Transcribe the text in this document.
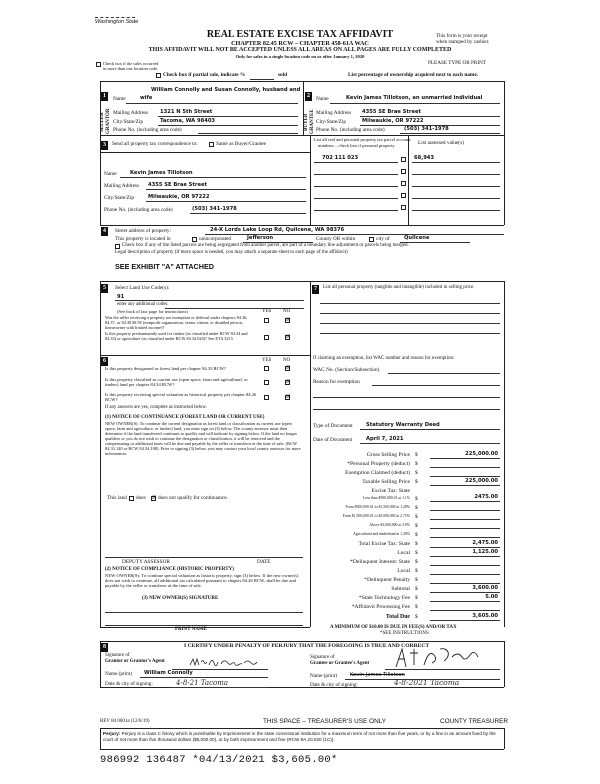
Washington State
REAL ESTATE EXCISE TAX AFFIDAVIT
CHAPTER 82.45 RCW – CHAPTER 458-61A WAC
THIS AFFIDAVIT WILL NOT BE ACCEPTED UNLESS ALL AREAS ON ALL PAGES ARE FULLY COMPLETED
Only for sales in a single location code on or after January 1, 2020
This form is your receipt
when stamped by cashier.
PLEASE TYPE OR PRINT
Check box if the sales occurred
in more than one location code.
Check box if partial sale, indicate %	sold	List percentage of ownership acquired next to each name.
1
SELLER GRANTOR
William Connolly and Susan Connolly, husband and
Name	wife
Mailing Address 1321 N 5th Street
City/State/Zip	Tacoma, WA 98403
Phone No. (including area code)
2
BUYER GRANTEE
Name	Kevin James Tillotson, an unmarried individual
Mailing Address 4355 SE Brae Street
City/State/Zip	Milwaukie, OR 97222
Phone No. (including area code)	(503) 341-1978
3	Send all property tax correspondence to:	Same as Buyer/Grantee
Name	Kevin James Tillotson
Mailing Address 4355 SE Brae Street
City/State/Zip	Milwaukie, OR 97222
Phone No. (including area code)	(503) 341-1978
List all real and personal property tax parcel account
numbers – check box if personal property	List assessed value(s)
702 111 023	68,943
4	Street address of property:	24-X Lords Lake Loop Rd, Quilcene, WA 98376
This property is located in	unincorporated	Jefferson	County OR within	city of	Quilcene
Check box if any of the listed parcels are being segregated from another parcel, are part of a boundary line adjustment or parcels being merged.
Legal description of property (if more space is needed, you may attach a separate sheet to each page of the affidavit)
SEE EXHIBIT "A" ATTACHED
5	Select Land Use Code(s):
91
enter any additional codes:
(See back of last page for instructions)	YES NO
Was the seller receiving a property tax exemption or deferral under chapters 84.36, 84.37, or 84.38 RCW (nonprofit organization, senior citizen, or disabled person, homeowner with limited income)?
☒
Is this property predominantly used for timber (as classified under RCW 84.34 and 84.33) or agriculture (as classified under RCW 84.34.020)? See ETA 3215	☒
7	List all personal property (tangible and intangible) included in selling price.
6	YES NO
Is this property designated as forest land per chapter 84.33 RCW?	☒
Is this property classified as current use (open space, farm and agricultural, or timber) land per chapter 84.34 RCW?	☒
Is this property receiving special valuation as historical property per chapter 84.26 RCW?	☒
If any answers are yes, complete as instructed below.
(1) NOTICE OF CONTINUANCE (FOREST LAND OR CURRENT USE)
NEW OWNER(S): To continue the current designation as forest land or classification as current use (open space, farm and agriculture, or timber) land, you must sign on (3) below. The county assessor must then determine if the land transferred continues to qualify and will indicate by signing below. If the land no longer qualifies or you do not wish to continue the designation or classification, it will be removed and the compensating or additional taxes will be due and payable by the seller or transferor at the time of sale. (RCW 84.33.140 or RCW 84.34.108). Prior to signing (3) below, you may contact your local county assessor for more information.
This land does ☒ does not qualify for continuance.
DEPUTY ASSESSOR	DATE
(2) NOTICE OF COMPLIANCE (HISTORIC PROPERTY)
NEW OWNER(S): To continue special valuation as historic property, sign (3) below. If the new owner(s) does not wish to continue, all additional tax calculated pursuant to chapter 84.26 RCW, shall be due and payable by the seller or transferor at the time of sale.
(3) NEW OWNER(S) SIGNATURE
PRINT NAME
If claiming an exemption, list WAC number and reason for exemption:
WAC No. (Section/Subsection)
Reason for exemption
Type of Document	Statutory Warranty Deed
Date of Document	April 7, 2021
Gross Selling Price $	225,000.00
*Personal Property (deduct) $
Exemption Claimed (deduct) $
Taxable Selling Price $	225,000.00
Excise Tax: State
Less than $500,000.01 at 1.1% $	2475.00
From $500,000.01 to $1,500,000 at 1.28% $
From $1,500,000.01 to $3,000,000 at 2.75% $
Above $3,000,000 at 3.0% $
Agricultural and timberland at 1.28% $
Total Excise Tax: State $	2,475.00
Local $	1,125.00
*Delinquent Interest: State $
Local $
*Delinquent Penalty $
Subtotal $	3,600.00
*State Technology Fee $	5.00
*Affidavit Processing Fee $
Total Due $	3,605.00
A MINIMUM OF $10.00 IS DUE IN FEE(S) AND/OR TAX
*SEE INSTRUCTIONS
8	I CERTIFY UNDER PENALTY OF PERJURY THAT THE FOREGOING IS TRUE AND CORRECT
Signature of
Grantor or Grantor's Agent
Name (print) William Connolly
Date & city of signing:	4-8-21 Tacoma
Signature of
Grantee or Grantee's Agent
Name (print)	Kevin James Tillotson
Date & city of signing:	4-8-2021 Tacoma
REV 84 0001a (12/6/19)	THIS SPACE – TREASURER'S USE ONLY	COUNTY TREASURER
Perjury: Perjury is a class C felony which is punishable by imprisonment in the state correctional institution for a maximum term of not more than five years, or by a fine in an amount fixed by the court of not more than five thousand dollars ($5,000.00), or by both imprisonment and fine (RCW 9A.20.020 (1C)).
986992 136487 *04/13/2021 $3,605.00*
